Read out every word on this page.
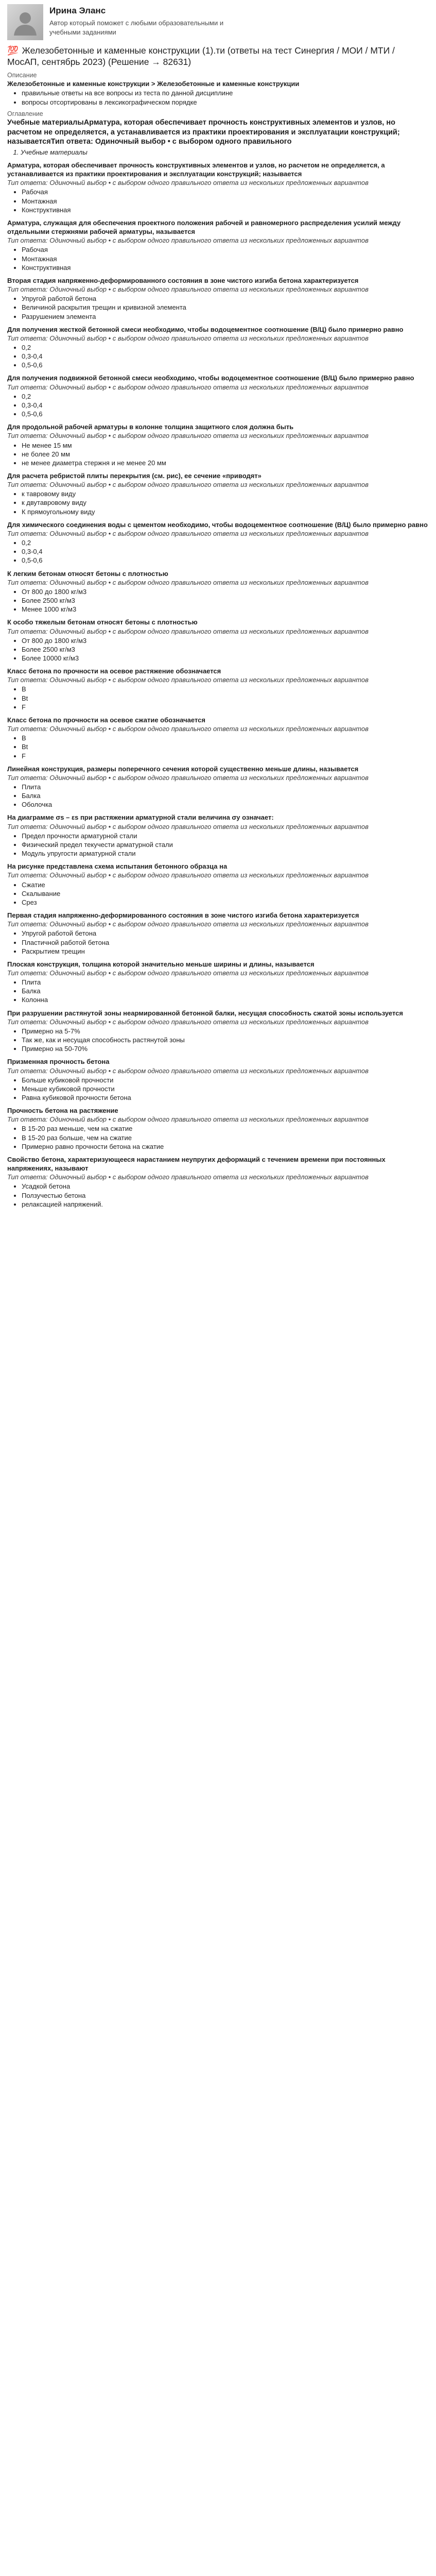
Ирина Эланс
Автор который поможет с любыми образовательными и учебными заданиями
💯 Железобетонные и каменные конструкции (1).ти (ответы на тест Синергия / МОИ / МТИ / МосАП, сентябрь 2023) (Решение → 82631)
Описание
Железобетонные и каменные конструкции > Железобетонные и каменные конструкции
• правильные ответы на все вопросы из теста по данной дисциплине
• вопросы отсортированы в лексикографическом порядке
Оглавление
Учебные материалыАрматура, которая обеспечивает прочность конструктивных элементов и узлов, но расчетом не определяется, а устанавливается из практики проектирования и эксплуатации конструкций; называетсяТип ответа: Одиночный выбор • с выбором одного правильного
1. Учебные материалы
Арматура, которая обеспечивает прочность конструктивных элементов и узлов, но расчетом не определяется, а устанавливается из практики проектирования и эксплуатации конструкций; называется
Тип ответа: Одиночный выбор • с выбором одного правильного ответа из нескольких предложенных вариантов
• Рабочая
• Монтажная
• Конструктивная
Арматура, служащая для обеспечения проектного положения рабочей и равномерного распределения усилий между отдельными стержнями рабочей арматуры, называется
Тип ответа: Одиночный выбор • с выбором одного правильного ответа из нескольких предложенных вариантов
• Рабочая
• Монтажная
• Конструктивная
Вторая стадия напряженно-деформированного состояния в зоне чистого изгиба бетона характеризуется
Тип ответа: Одиночный выбор • с выбором одного правильного ответа из нескольких предложенных вариантов
• Упругой работой бетона
• Величиной раскрытия трещин и кривизной элемента
• Разрушением элемента
Для получения жесткой бетонной смеси необходимо, чтобы водоцементное соотношение (В/Ц) было примерно равно
Тип ответа: Одиночный выбор • с выбором одного правильного ответа из нескольких предложенных вариантов
• 0,2
• 0,3-0,4
• 0,5-0,6
Для получения подвижной бетонной смеси необходимо, чтобы водоцементное соотношение (В/Ц) было примерно равно
Тип ответа: Одиночный выбор • с выбором одного правильного ответа из нескольких предложенных вариантов
• 0,2
• 0,3-0,4
• 0,5-0,6
Для продольной рабочей арматуры в колонне толщина защитного слоя должна быть
Тип ответа: Одиночный выбор • с выбором одного правильного ответа из нескольких предложенных вариантов
• Не менее 15 мм
• не более 20 мм
• не менее диаметра стержня и не менее 20 мм
Для расчета ребристой плиты перекрытия (см. рис), ее сечение «приводят»
Тип ответа: Одиночный выбор • с выбором одного правильного ответа из нескольких предложенных вариантов
• к тавровому виду
• к двутавровому виду
• К прямоугольному виду
Для химического соединения воды с цементом необходимо, чтобы водоцементное соотношение (В/Ц) было примерно равно
Тип ответа: Одиночный выбор • с выбором одного правильного ответа из нескольких предложенных вариантов
• 0,2
• 0,3-0,4
• 0,5-0,6
К легким бетонам относят бетоны с плотностью
Тип ответа: Одиночный выбор • с выбором одного правильного ответа из нескольких предложенных вариантов
• От 800 до 1800 кг/м3
• Более 2500 кг/м3
• Менее 1000 кг/м3
К особо тяжелым бетонам относят бетоны с плотностью
Тип ответа: Одиночный выбор • с выбором одного правильного ответа из нескольких предложенных вариантов
• От 800 до 1800 кг/м3
• Более 2500 кг/м3
• Более 10000 кг/м3
Класс бетона по прочности на осевое растяжение обозначается
Тип ответа: Одиночный выбор • с выбором одного правильного ответа из нескольких предложенных вариантов
• B
• Bt
• F
Класс бетона по прочности на осевое сжатие обозначается
Тип ответа: Одиночный выбор • с выбором одного правильного ответа из нескольких предложенных вариантов
• B
• Bt
• F
Линейная конструкция, размеры поперечного сечения которой существенно меньше длины, называется
Тип ответа: Одиночный выбор • с выбором одного правильного ответа из нескольких предложенных вариантов
• Плита
• Балка
• Оболочка
На диаграмме σs – εs при растяжении арматурной стали величина σу означает:
Тип ответа: Одиночный выбор • с выбором одного правильного ответа из нескольких предложенных вариантов
• Предел прочности арматурной стали
• Физический предел текучести арматурной стали
• Модуль упругости арматурной стали
На рисунке представлена схема испытания бетонного образца на
Тип ответа: Одиночный выбор • с выбором одного правильного ответа из нескольких предложенных вариантов
• Сжатие
• Скалывание
• Срез
Первая стадия напряженно-деформированного состояния в зоне чистого изгиба бетона характеризуется
Тип ответа: Одиночный выбор • с выбором одного правильного ответа из нескольких предложенных вариантов
• Упругой работой бетона
• Пластичной работой бетона
• Раскрытием трещин
Плоская конструкция, толщина которой значительно меньше ширины и длины, называется
Тип ответа: Одиночный выбор • с выбором одного правильного ответа из нескольких предложенных вариантов
• Плита
• Балка
• Колонна
При разрушении растянутой зоны неармированной бетонной балки, несущая способность сжатой зоны используется
Тип ответа: Одиночный выбор • с выбором одного правильного ответа из нескольких предложенных вариантов
• Примерно на 5-7%
• Так же, как и несущая способность растянутой зоны
• Примерно на 50-70%
Призменная прочность бетона
Тип ответа: Одиночный выбор • с выбором одного правильного ответа из нескольких предложенных вариантов
• Больше кубиковой прочности
• Меньше кубиковой прочности
• Равна кубиковой прочности бетона
Прочность бетона на растяжение
Тип ответа: Одиночный выбор • с выбором одного правильного ответа из нескольких предложенных вариантов
• В 15-20 раз меньше, чем на сжатие
• В 15-20 раз больше, чем на сжатие
• Примерно равно прочности бетона на сжатие
Свойство бетона, характеризующееся нарастанием неупругих деформаций с течением времени при постоянных напряжениях, называют
Тип ответа: Одиночный выбор • с выбором одного правильного ответа из нескольких предложенных вариантов
• Усадкой бетона
• Ползучестью бетона
• релаксацией напряжений.
